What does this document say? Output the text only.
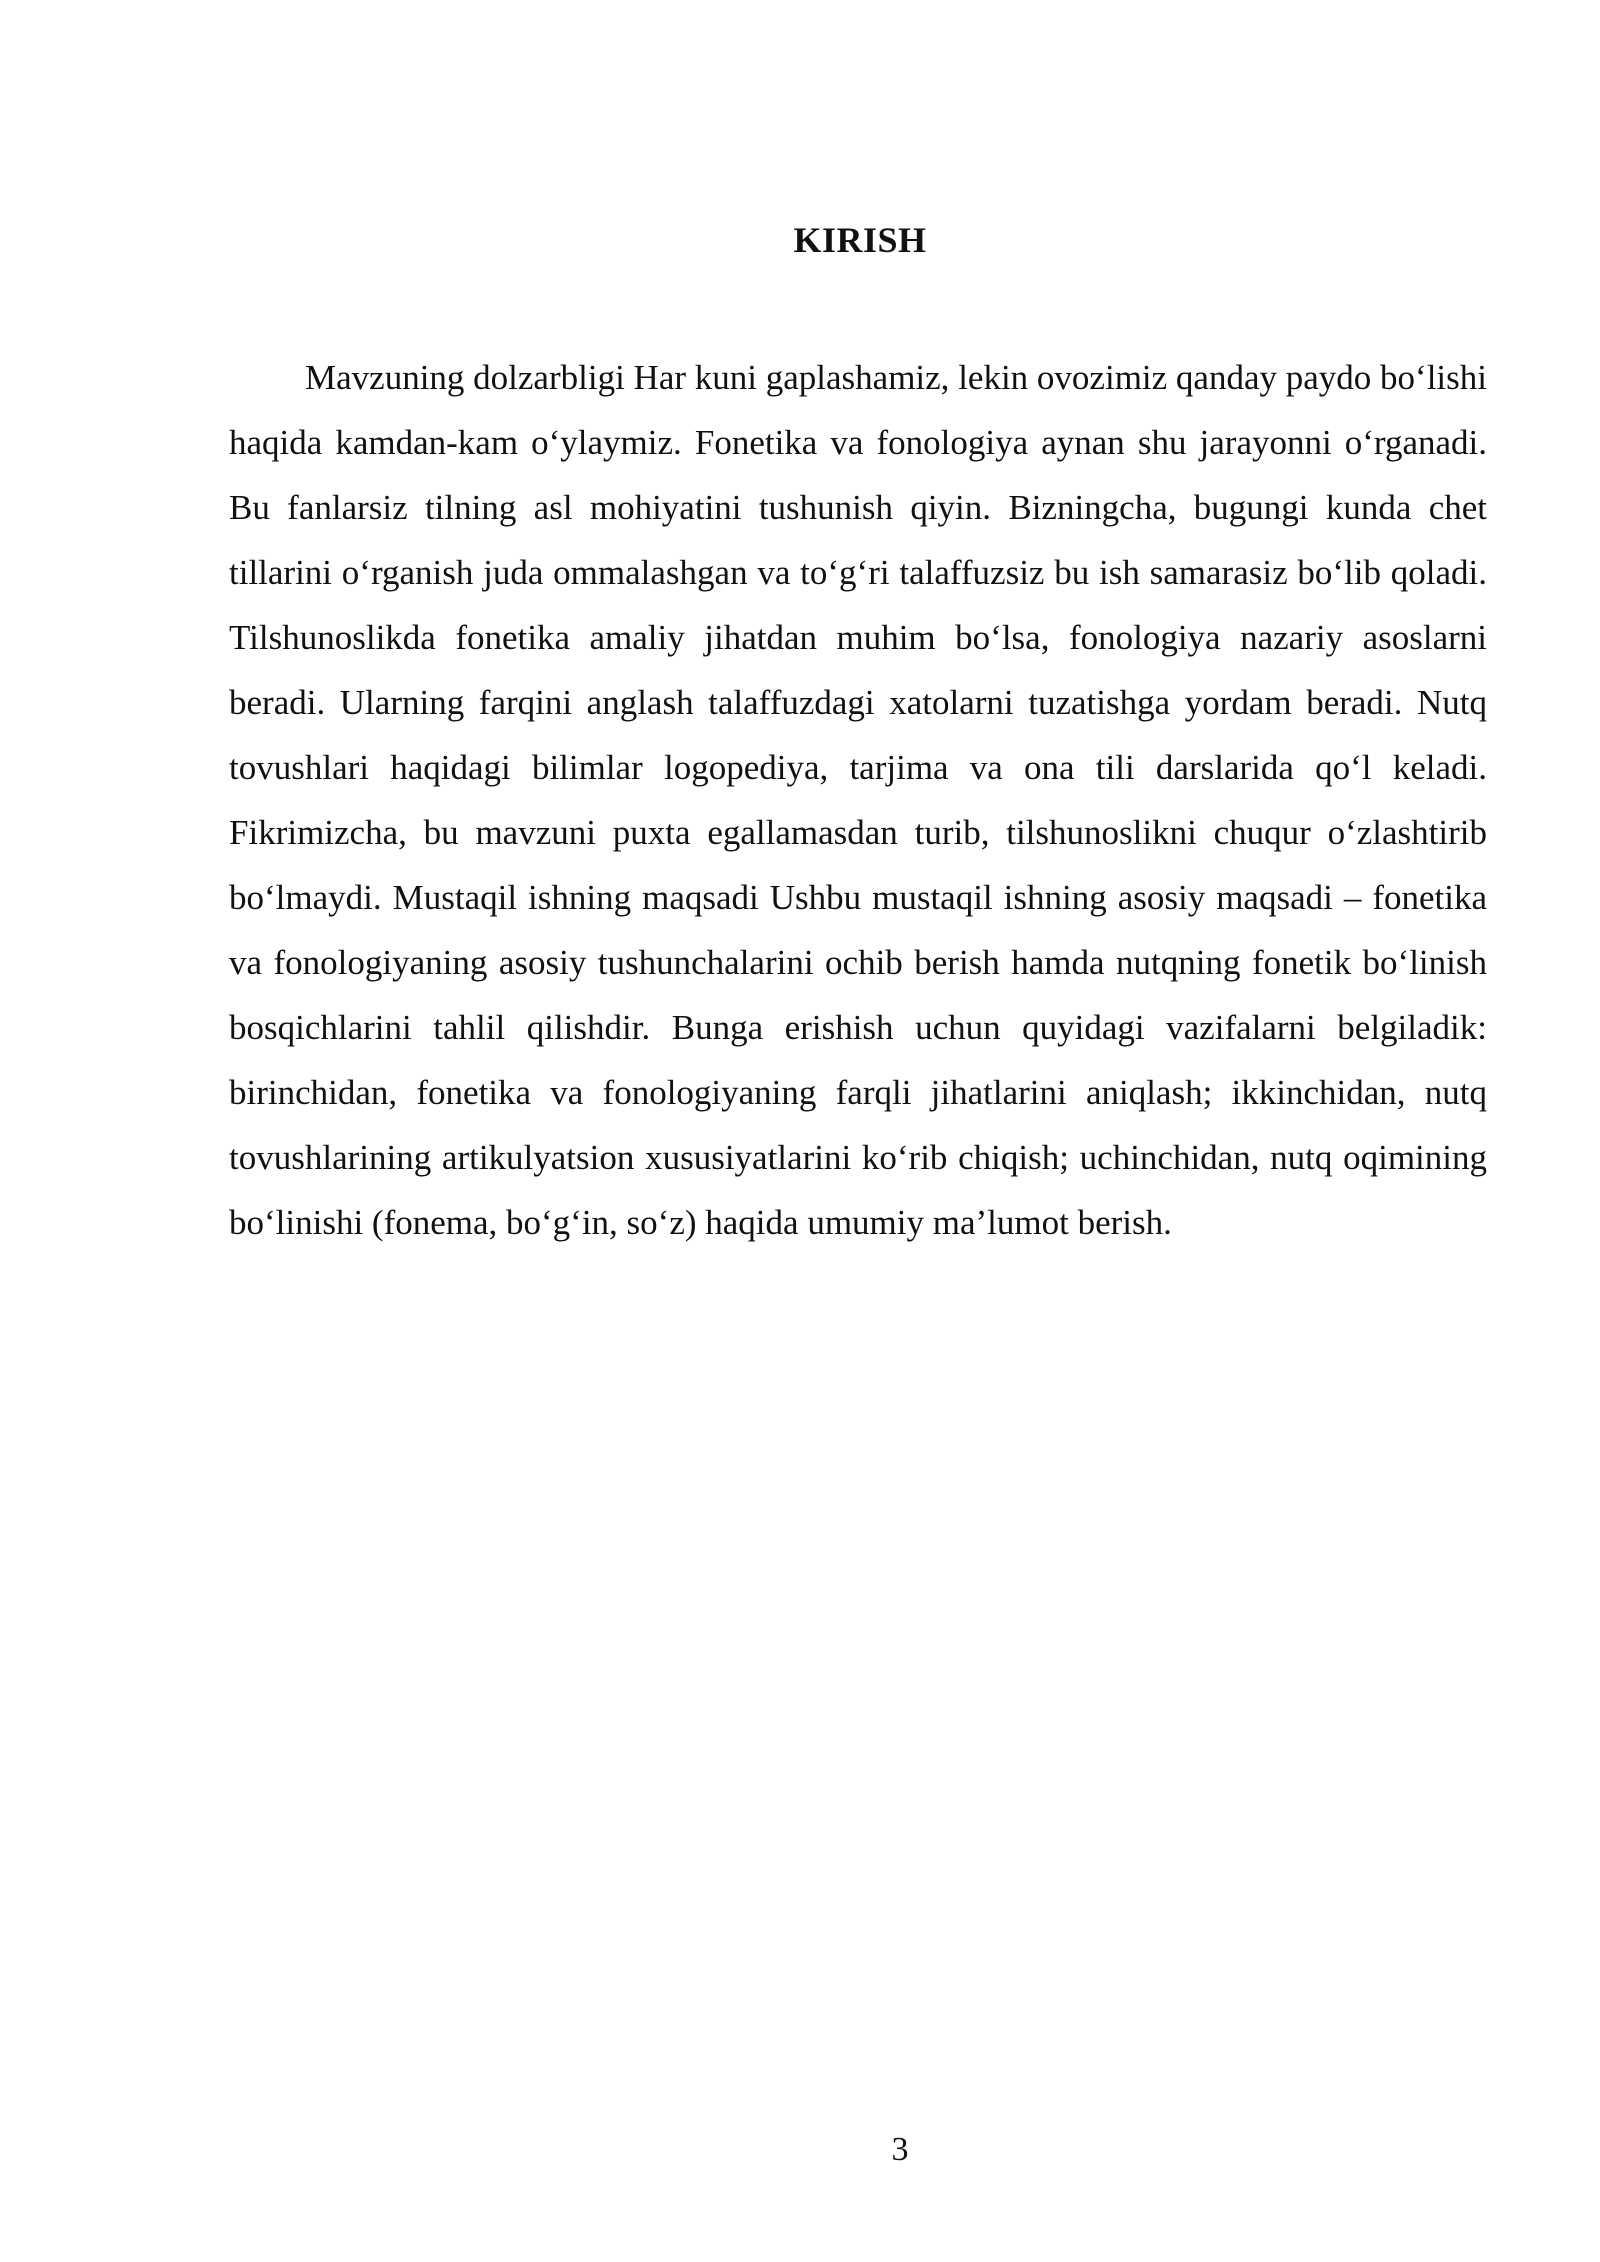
KIRISH

Mavzuning dolzarbligi Har kuni gaplashamiz, lekin ovozimiz qanday paydo bo‘lishi haqida kamdan-kam o‘ylaymiz. Fonetika va fonologiya aynan shu jarayonni o‘rganadi. Bu fanlarsiz tilning asl mohiyatini tushunish qiyin. Bizningcha, bugungi kunda chet tillarini o‘rganish juda ommalashgan va to‘g‘ri talaffuzsiz bu ish samarasiz bo‘lib qoladi. Tilshunoslikda fonetika amaliy jihatdan muhim bo‘lsa, fonologiya nazariy asoslarni beradi. Ularning farqini anglash talaffuzdagi xatolarni tuzatishga yordam beradi. Nutq tovushlari haqidagi bilimlar logopediya, tarjima va ona tili darslarida qo‘l keladi. Fikrimizcha, bu mavzuni puxta egallamasdan turib, tilshunoslikni chuqur o‘zlashtirib bo‘lmaydi. Mustaqil ishning maqsadi Ushbu mustaqil ishning asosiy maqsadi – fonetika va fonologiyaning asosiy tushunchalarini ochib berish hamda nutqning fonetik bo‘linish bosqichlarini tahlil qilishdir. Bunga erishish uchun quyidagi vazifalarni belgiladik: birinchidan, fonetika va fonologiyaning farqli jihatlarini aniqlash; ikkinchidan, nutq tovushlarining artikulyatsion xususiyatlarini ko‘rib chiqish; uchinchidan, nutq oqimining bo‘linishi (fonema, bo‘g‘in, so‘z) haqida umumiy ma’lumot berish.

3
